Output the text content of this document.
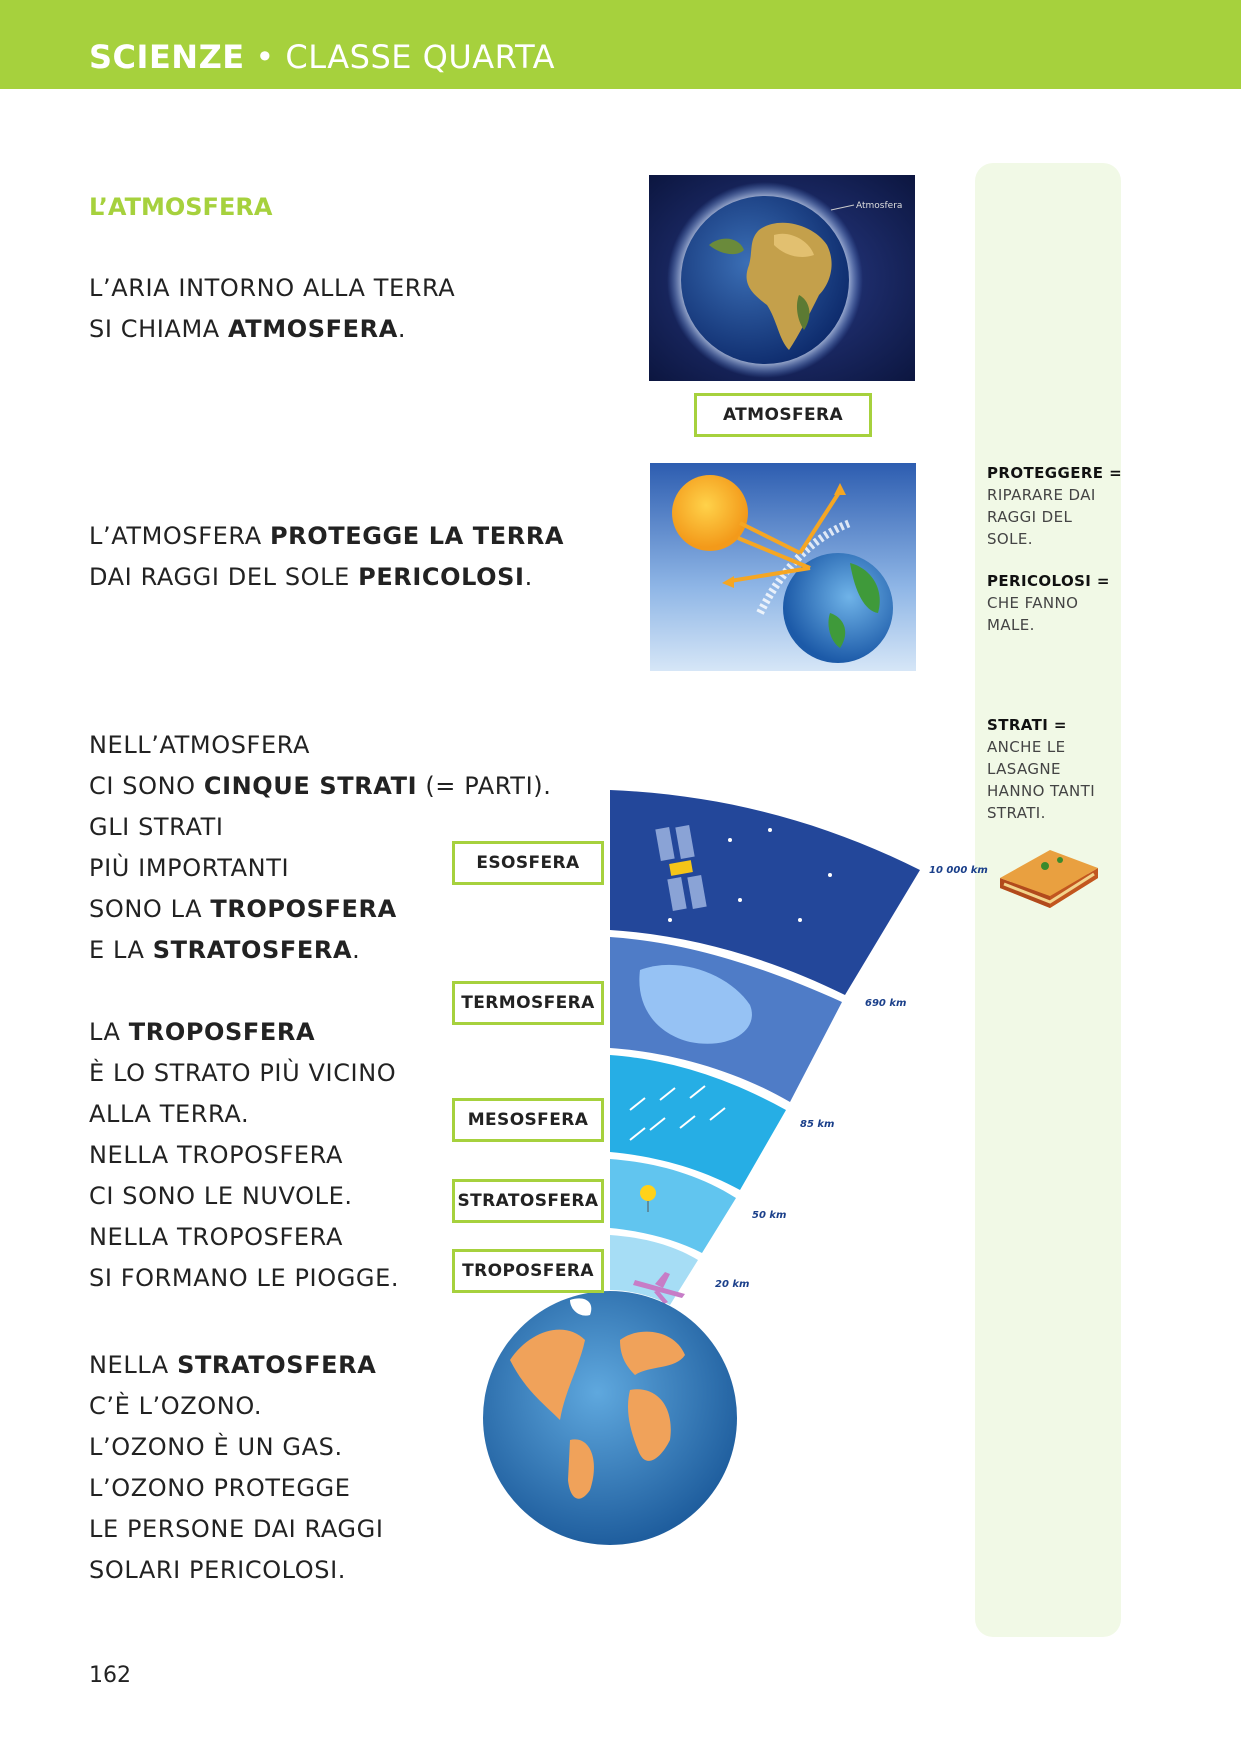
SCIENZE • CLASSE QUARTA
L’ATMOSFERA
L’ARIA INTORNO ALLA TERRA
SI CHIAMA ATMOSFERA.
Atmosfera
ATMOSFERA
L’ATMOSFERA PROTEGGE LA TERRA
DAI RAGGI DEL SOLE PERICOLOSI.
PROTEGGERE =
RIPARARE DAI
RAGGI DEL
SOLE.
PERICOLOSI =
CHE FANNO
MALE.
STRATI =
ANCHE LE
LASAGNE
HANNO TANTI
STRATI.
NELL’ATMOSFERA
CI SONO CINQUE STRATI (= PARTI).
GLI STRATI
PIÙ IMPORTANTI
SONO LA TROPOSFERA
E LA STRATOSFERA.
LA TROPOSFERA
È LO STRATO PIÙ VICINO
ALLA TERRA.
NELLA TROPOSFERA
CI SONO LE NUVOLE.
NELLA TROPOSFERA
SI FORMANO LE PIOGGE.
NELLA STRATOSFERA
C’È L’OZONO.
L’OZONO È UN GAS.
L’OZONO PROTEGGE
LE PERSONE DAI RAGGI
SOLARI PERICOLOSI.
10 000 km
690 km
85 km
50 km
20 km
ESOSFERA
TERMOSFERA
MESOSFERA
STRATOSFERA
TROPOSFERA
162
